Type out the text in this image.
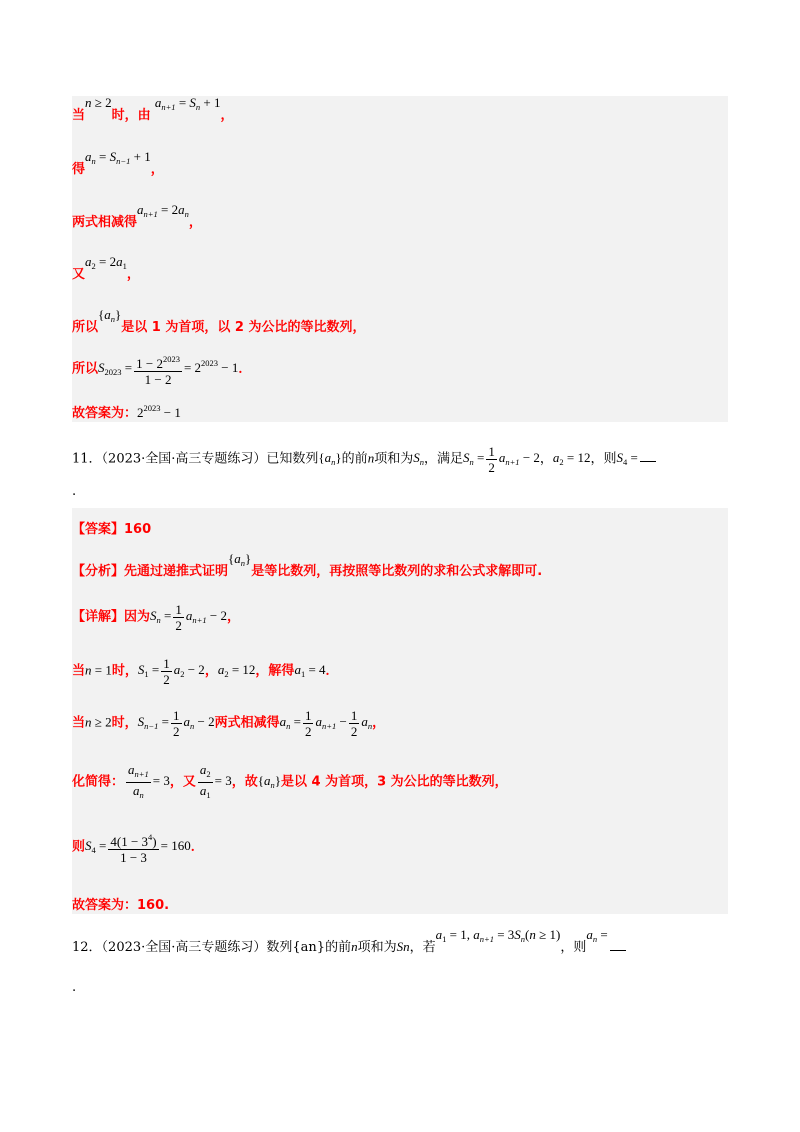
当n ≥ 2时，由 $a_{n+1} = S_n + 1$，
得$a_n = S_{n-1} + 1$，
两式相减得$a_{n+1} = 2a_n$，
又$a_2 = 2a_1$，
所以$\{a_n\}$是以 1 为首项，以 2 为公比的等比数列，
所以$S_{2023} = \frac{1 - 2^{2023}}{1 - 2} = 2^{2023} - 1$．
故答案为：$2^{2023} - 1$
11．（2023·全国·高三专题练习）已知数列$\{a_n\}$的前n项和为$S_n$，满足$S_n = \frac{1}{2} a_{n+1} - 2$，$a_2 = 12$，则$S_4$ =
.
【答案】160
【分析】先通过递推式证明$\{a_n\}$是等比数列，再按照等比数列的求和公式求解即可.
【详解】因为$S_n = \frac{1}{2} a_{n+1} - 2$，
当n = 1时，$S_1 = \frac{1}{2} a_2 - 2$，$a_2 = 12$，解得$a_1 = 4$．
当n ≥ 2时，$S_{n-1} = \frac{1}{2} a_n - 2$两式相减得$a_n = \frac{1}{2} a_{n+1} - \frac{1}{2} a_n$，
化简得： $\frac{a_{n+1}}{a_n} = 3$，又 $\frac{a_2}{a_1} = 3$，故$\{a_n\}$是以 4 为首项，3 为公比的等比数列，
则$S_4 = \frac{4(1 - 3^4)}{1 - 3} = 160$．
故答案为：160.
12．（2023·全国·高三专题练习）数列{an}的前n项和为Sn，若$a_1 = 1$, $a_{n+1} = 3S_n(n \ge 1)$，则$a_n$ =
.
